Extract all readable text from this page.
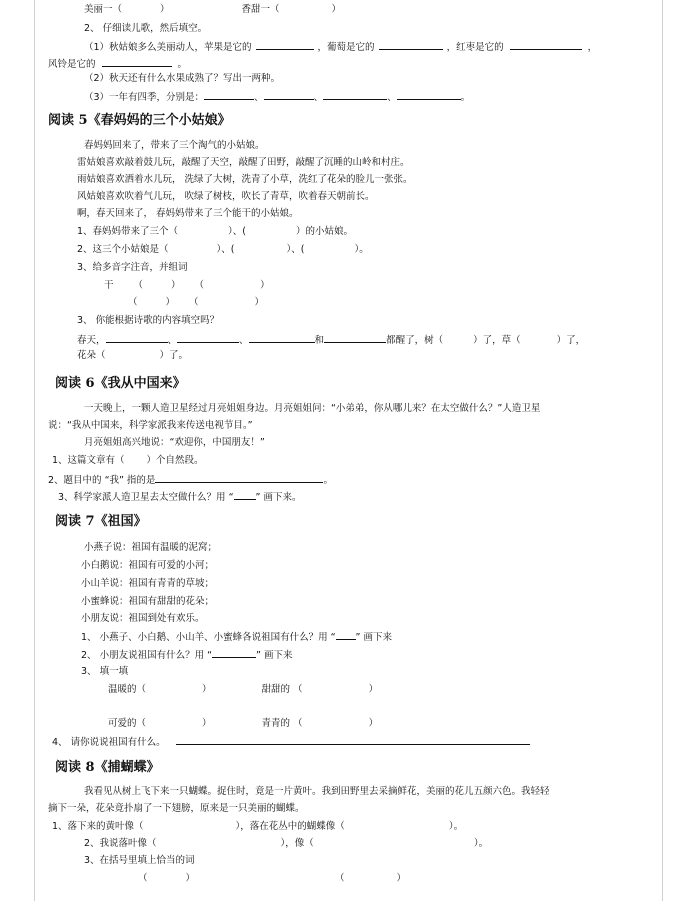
美丽一（	）	香甜一（	）
2、 仔细读儿歌，然后填空。
（1）秋姑娘多么美丽动人，苹果是它的	，葡萄是它的	，红枣是它的	，
风铃是它的	。
（2）秋天还有什么水果成熟了？写出一两种。
（3）一年有四季，分别是：	、	、	、	。
阅读 5《春妈妈的三个小姑娘》
春妈妈回来了，带来了三个淘气的小姑娘。
雷姑娘喜欢敲着鼓儿玩，敲醒了天空，敲醒了田野，敲醒了沉睡的山岭和村庄。
雨姑娘喜欢洒着水儿玩， 洗绿了大树，洗青了小草，洗红了花朵的脸儿一张张。
风姑娘喜欢吹着气儿玩， 吹绿了树枝，吹长了青草，吹着春天朝前长。
啊，春天回来了， 春妈妈带来了三个能干的小姑娘。
1、春妈妈带来了三个（	）、(	）的小姑娘。
2、这三个小姑娘是（	）、(	）、(	）。
3、给多音字注音，并组词
干 （	） （	）
（	） （	）
3、 你能根据诗歌的内容填空吗？
春天，	、	、	和	都醒了，树（	）了，草（	）了，
花朵（	）了。
阅读 6《我从中国来》
一天晚上，一颗人造卫星经过月亮姐姐身边。月亮姐姐问：“小弟弟，你从哪儿来？在太空做什么？”人造卫星
说：“我从中国来，科学家派我来传送电视节目。”
月亮姐姐高兴地说：“欢迎你，中国朋友！”
1、这篇文章有（ ）个自然段。
2、题目中的 “我” 指的是	。
3、科学家派人造卫星去太空做什么？用 “ ” 画下来。
阅读 7《祖国》
小燕子说：祖国有温暖的泥窝；
小白鹅说：祖国有可爱的小河；
小山羊说：祖国有青青的草坡；
小蜜蜂说：祖国有甜甜的花朵；
小朋友说：祖国到处有欢乐。
1、 小燕子、小白鹅、小山羊、小蜜蜂各说祖国有什么？用 “ ” 画下来
2、 小朋友说祖国有什么？用 “	” 画下来
3、 填一填
温暖的（	）	甜甜的 （	）
可爱的（	）	青青的 （	）
4、 请你说说祖国有什么。
阅读 8《捕蝴蝶》
我看见从树上飞下来一只蝴蝶。捉住时，竟是一片黄叶。我到田野里去采摘鲜花，美丽的花儿五颜六色。我轻轻
摘下一朵，花朵竟扑扇了一下翅膀，原来是一只美丽的蝴蝶。
1、落下来的黄叶像（	），落在花丛中的蝴蝶像（	）。
2、我说落叶像（	），像（	）。
3、在括号里填上恰当的词
（	）	（	）
